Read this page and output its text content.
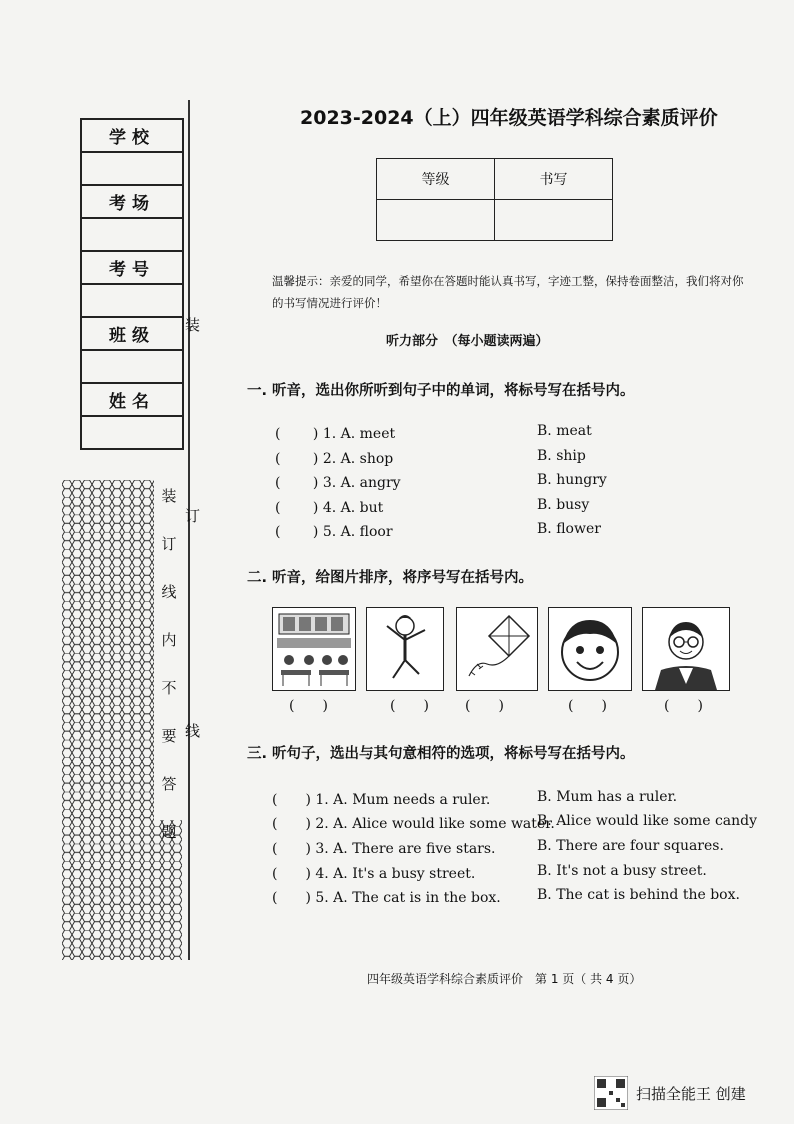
学校
考场
考号
班级
姓名
装
订
线
装
订
线
内
不
要
答
题
2023-2024（上）四年级英语学科综合素质评价
等级	书写

温馨提示：亲爱的同学，希望你在答题时能认真书写，字迹工整，保持卷面整洁，我们将对你的书写情况进行评价！
听力部分　（每小题读两遍）
一. 听音，选出你所听到句子中的单词，将标号写在括号内。
( 　　) 1. A. meet	B. meat
( 　　) 2. A. shop	B. ship
( 　　) 3. A. angry	B. hungry
( 　　) 4. A. but	B. busy
( 　　) 5. A. floor	B. flower
二. 听音，给图片排序，将序号写在括号内。
(　　)	(　　)	(　　)	(　　)	(　　)
三. 听句子，选出与其句意相符的选项，将标号写在括号内。
(　　) 1. A. Mum needs a ruler.	B. Mum has a ruler.
(　　) 2. A. Alice would like some water.
B. Alice would like some candy
(　　) 3. A. There are five stars.	B. There are four squares.
(　　) 4. A. It's a busy street.	B. It's not a busy street.
(　　) 5. A. The cat is in the box.	B. The cat is behind the box.
四年级英语学科综合素质评价　第 1 页（ 共 4 页）
扫描全能王 创建
